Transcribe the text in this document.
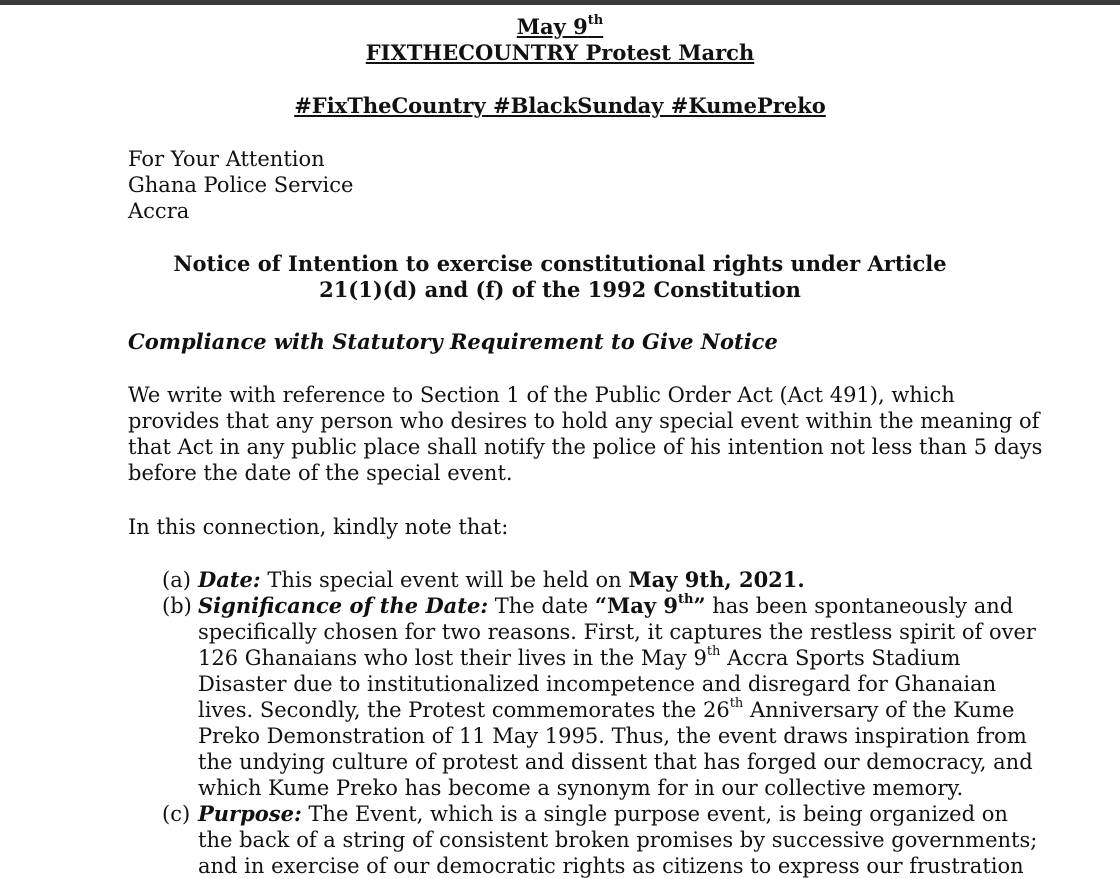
May 9th
FIXTHECOUNTRY Protest March
#FixTheCountry #BlackSunday #KumePreko
For Your Attention
Ghana Police Service
Accra
Notice of Intention to exercise constitutional rights under Article
21(1)(d) and (f) of the 1992 Constitution
Compliance with Statutory Requirement to Give Notice
We write with reference to Section 1 of the Public Order Act (Act 491), which
provides that any person who desires to hold any special event within the meaning of
that Act in any public place shall notify the police of his intention not less than 5 days
before the date of the special event.
In this connection, kindly note that:
(a) Date: This special event will be held on May 9th, 2021.
(b) Significance of the Date: The date “May 9th” has been spontaneously and
specifically chosen for two reasons. First, it captures the restless spirit of over
126 Ghanaians who lost their lives in the May 9th Accra Sports Stadium
Disaster due to institutionalized incompetence and disregard for Ghanaian
lives. Secondly, the Protest commemorates the 26th Anniversary of the Kume
Preko Demonstration of 11 May 1995. Thus, the event draws inspiration from
the undying culture of protest and dissent that has forged our democracy, and
which Kume Preko has become a synonym for in our collective memory.
(c) Purpose: The Event, which is a single purpose event, is being organized on
the back of a string of consistent broken promises by successive governments;
and in exercise of our democratic rights as citizens to express our frustration
